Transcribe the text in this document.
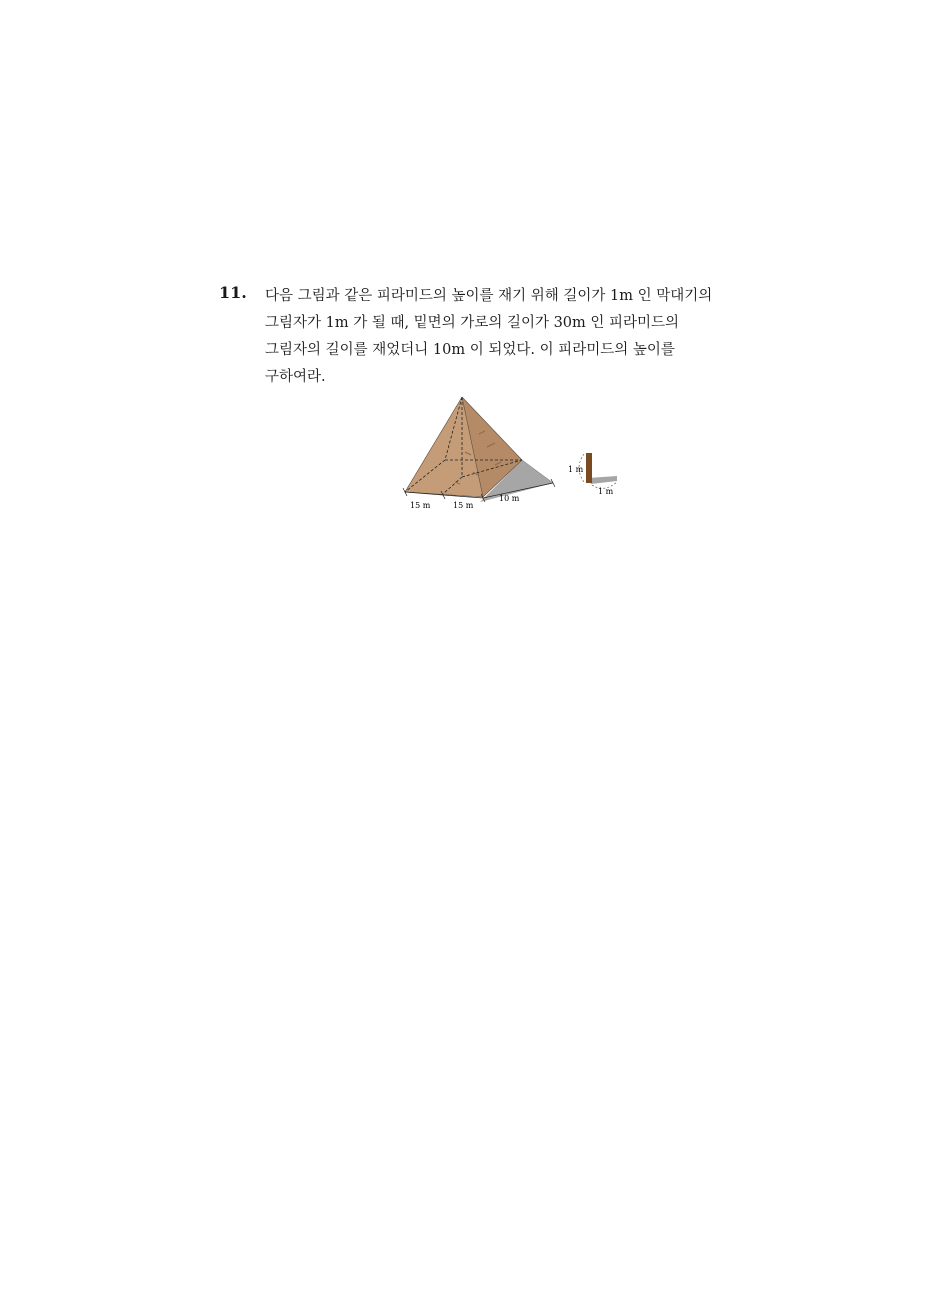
11. 다음 그림과 같은 피라미드의 높이를 재기 위해 길이가 1m 인 막대기의
그림자가 1m 가 될 때, 밑면의 가로의 길이가 30m 인 피라미드의
그림자의 길이를 재었더니 10m 이 되었다. 이 피라미드의 높이를
구하여라.
15 m	15 m
10 m
1 m
1 m
